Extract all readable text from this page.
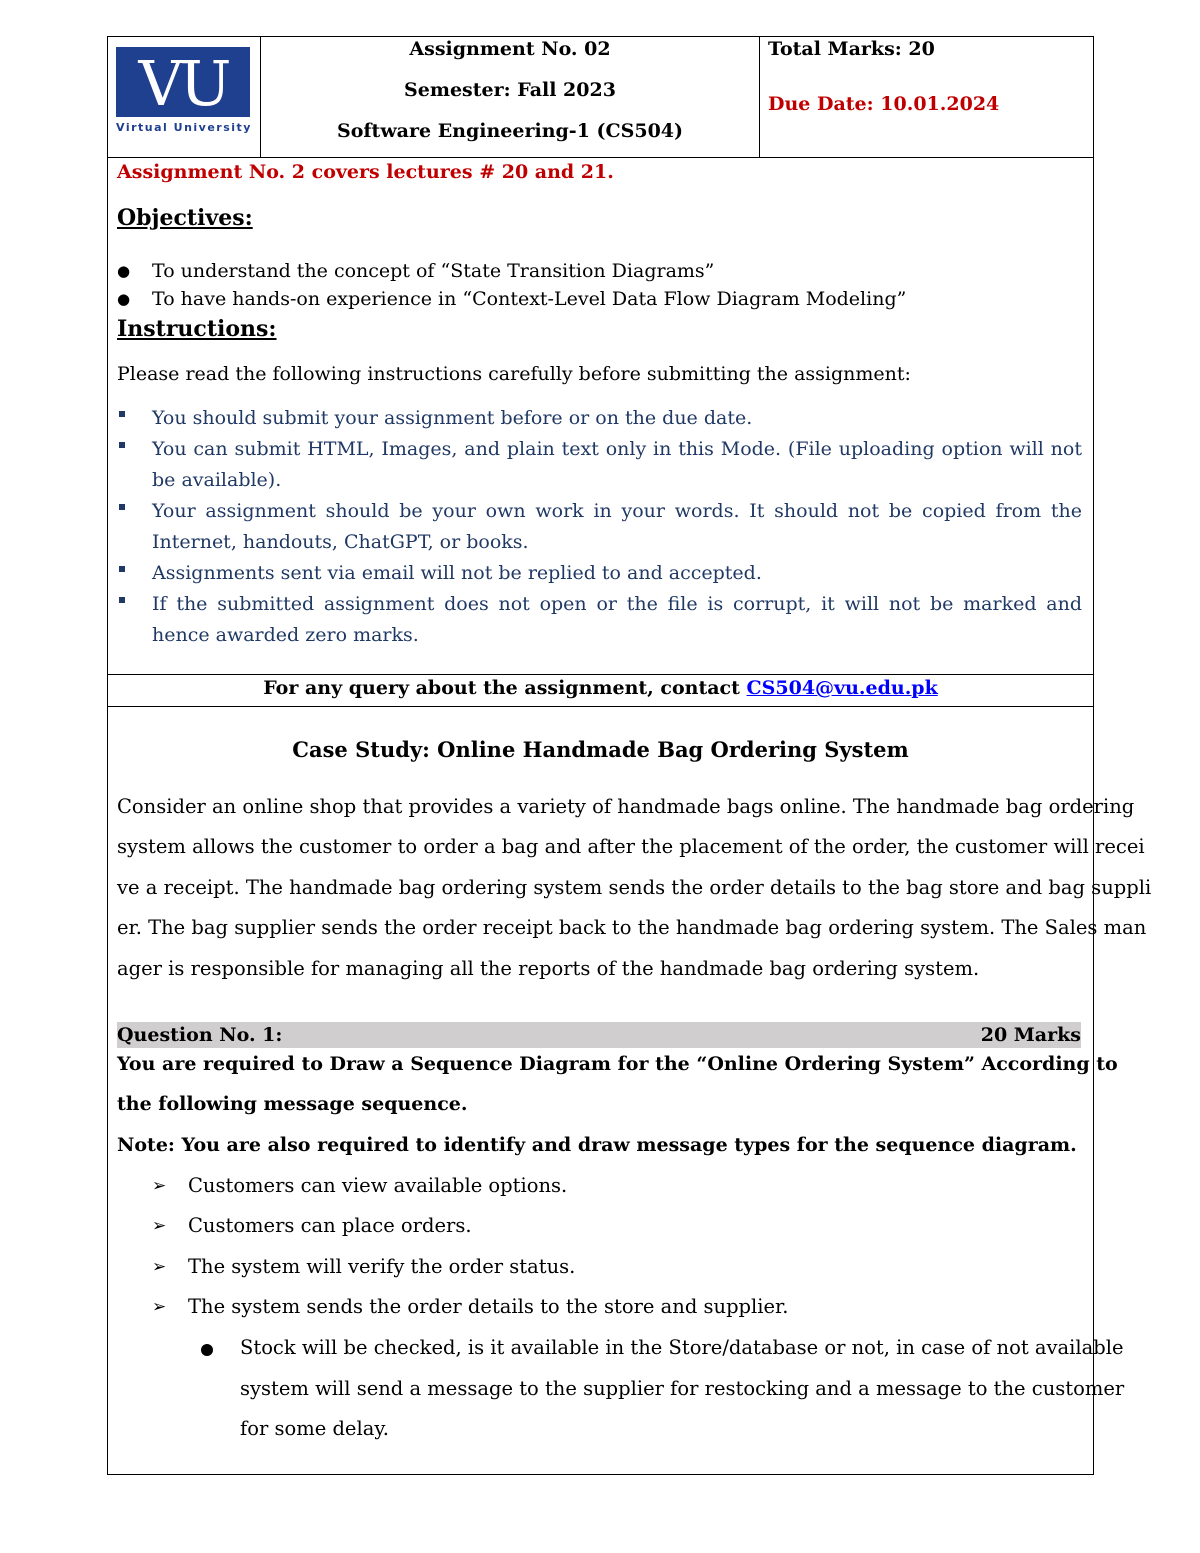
VU
Virtual University
Assignment No. 02
Semester: Fall 2023
Software Engineering-1 (CS504)
Total Marks: 20
Due Date: 10.01.2024
Assignment No. 2 covers lectures # 20 and 21.
Objectives:
● To understand the concept of “State Transition Diagrams”
● To have hands-on experience in “Context-Level Data Flow Diagram Modeling”
Instructions:
Please read the following instructions carefully before submitting the assignment:
You should submit your assignment before or on the due date.
You can submit HTML, Images, and plain text only in this Mode. (File uploading option will not be available).
Your assignment should be your own work in your words. It should not be copied from the Internet, handouts, ChatGPT, or books.
Assignments sent via email will not be replied to and accepted.
If the submitted assignment does not open or the file is corrupt, it will not be marked and hence awarded zero marks.
For any query about the assignment, contact CS504@vu.edu.pk
Case Study: Online Handmade Bag Ordering System
Consider an online shop that provides a variety of handmade bags online. The handmade bag ordering
system allows the customer to order a bag and after the placement of the order, the customer will recei
ve a receipt. The handmade bag ordering system sends the order details to the bag store and bag suppli
er. The bag supplier sends the order receipt back to the handmade bag ordering system. The Sales man
ager is responsible for managing all the reports of the handmade bag ordering system.
Question No. 1:	20 Marks
You are required to Draw a Sequence Diagram for the “Online Ordering System” According to
the following message sequence.
Note: You are also required to identify and draw message types for the sequence diagram.
➢ Customers can view available options.
➢ Customers can place orders.
➢ The system will verify the order status.
➢ The system sends the order details to the store and supplier.
Stock will be checked, is it available in the Store/database or not, in case of not available
system will send a message to the supplier for restocking and a message to the customer
for some delay.
